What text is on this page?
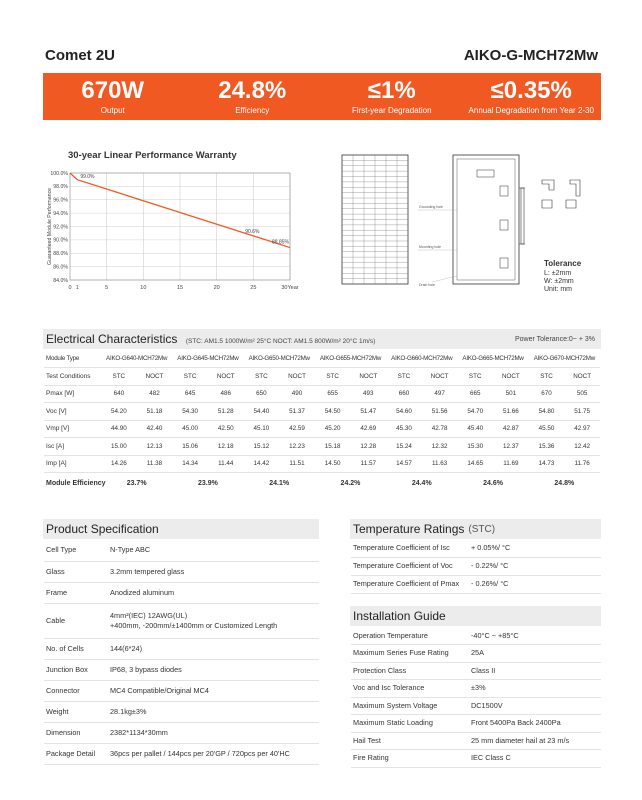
Comet 2U	AIKO-G-MCH72Mw
670W
Output
24.8%
Efficiency
≤1%
First-year Degradation
≤0.35%
Annual Degradation from Year 2-30
30-year Linear Performance Warranty
84.0%
86.0%
88.0%
90.0%
92.0%
94.0%
96.0%
98.0%
100.0%
0 1	5	10	15	20	25	30Year
Guaranteed Module Performance
99.0%
90.6%
88.85%
Grounding hole
Mounting hole
Drain hole
Tolerance
L: ±2mm
W: ±2mm
Unit: mm
Electrical Characteristics (STC: AM1.5 1000W/m² 25°C NOCT: AM1.5 800W/m² 20°C 1m/s)	Power Tolerance:0~ + 3%
Module Type	AIKO-G640-MCH72Mw		AIKO-G645-MCH72Mw		AIKO-G650-MCH72Mw		AIKO-G655-MCH72Mw		AIKO-G660-MCH72Mw		AIKO-G665-MCH72Mw		AIKO-G670-MCH72Mw	
Test Conditions	STC	NOCT	STC	NOCT	STC	NOCT	STC	NOCT	STC	NOCT	STC	NOCT	STC	NOCT
Pmax [W]	640	482	645	486	650	490	655	493	660	497	665	501	670	505
Voc [V]	54.20	51.18	54.30	51.28	54.40	51.37	54.50	51.47	54.60	51.56	54.70	51.66	54.80	51.75
Vmp [V]	44.90	42.40	45.00	42.50	45.10	42.59	45.20	42.69	45.30	42.78	45.40	42.87	45.50	42.97
Isc [A]	15.00	12.13	15.06	12.18	15.12	12.23	15.18	12.28	15.24	12.32	15.30	12.37	15.36	12.42
Imp [A]	14.26	11.38	14.34	11.44	14.42	11.51	14.50	11.57	14.57	11.63	14.65	11.69	14.73	11.76
Module Efficiency	23.7%		23.9%		24.1%		24.2%		24.4%		24.6%		24.8%	
Product Specification
Cell Type	N-Type ABC

Glass	3.2mm tempered glass

Frame	Anodized aluminum

Cable	4mm²(IEC) 12AWG(UL)
+400mm, -200mm/±1400mm or Customized Length

No. of Cells	144(6*24)

Junction Box	IP68, 3 bypass diodes

Connector	MC4 Compatible/Original MC4

Weight	28.1kg±3%

Dimension	2382*1134*30mm

Package Detail	36pcs per pallet / 144pcs per 20'GP / 720pcs per 40'HC
Temperature Ratings (STC)
Temperature Coefficient of Isc	+ 0.05%/ °C

Temperature Coefficient of Voc	- 0.22%/ °C

Temperature Coefficient of Pmax	- 0.26%/ °C
Installation Guide
Operation Temperature	-40°C ~ +85°C

Maximum Series Fuse Rating	25A

Protection Class	Class II

Voc and Isc Tolerance	±3%

Maximum System Voltage	DC1500V

Maximum Static Loading	Front 5400Pa Back 2400Pa

Hail Test	25 mm diameter hail at 23 m/s

Fire Rating	IEC Class C
